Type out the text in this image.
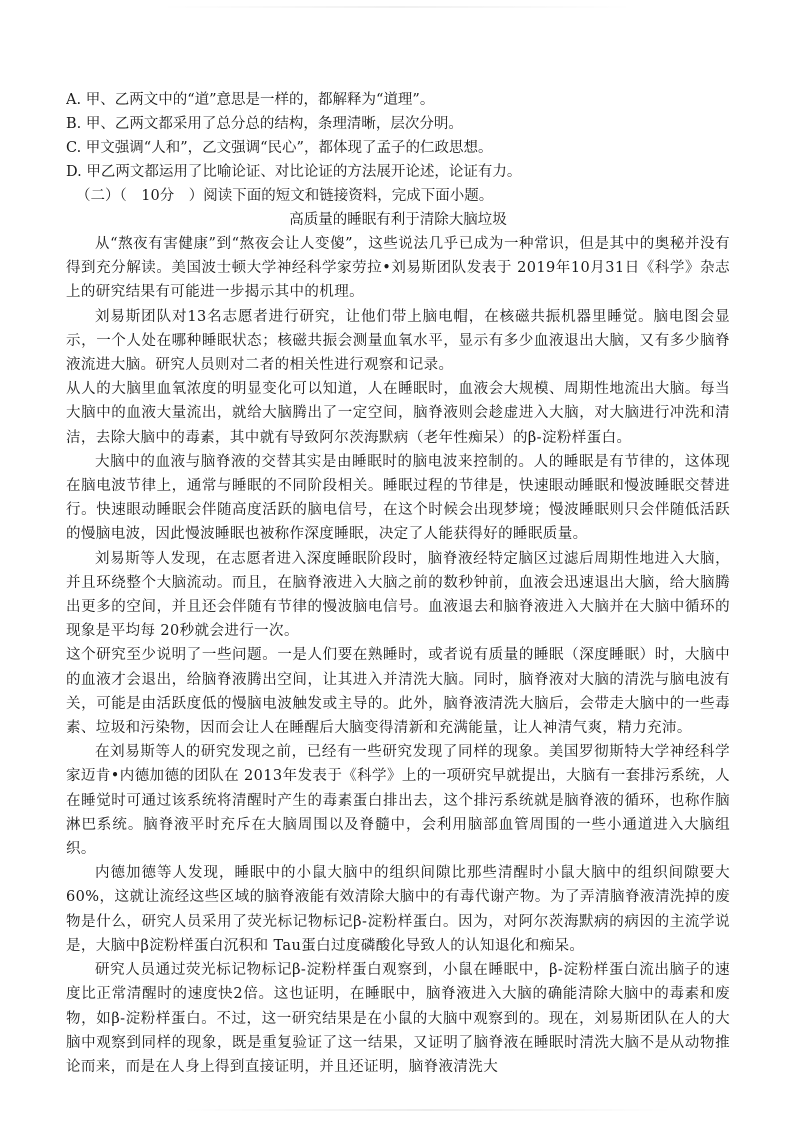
A. 甲、乙两文中的“道”意思是一样的，都解释为“道理”。
B. 甲、乙两文都采用了总分总的结构，条理清晰，层次分明。
C. 甲文强调“人和”，乙文强调“民心”，都体现了孟子的仁政思想。
D. 甲乙两文都运用了比喻论证、对比论证的方法展开论述，论证有力。
（二）（　10分　）阅读下面的短文和链接资料，完成下面小题。
高质量的睡眠有利于清除大脑垃圾

从“熬夜有害健康”到“熬夜会让人变傻”，这些说法几乎已成为一种常识，但是其中的奥秘并没有得到充分解读。美国波士顿大学神经科学家劳拉•刘易斯团队发表于 2019年10月31日《科学》杂志上的研究结果有可能进一步揭示其中的机理。

刘易斯团队对13名志愿者进行研究，让他们带上脑电帽，在核磁共振机器里睡觉。脑电图会显示，一个人处在哪种睡眠状态；核磁共振会测量血氧水平，显示有多少血液退出大脑，又有多少脑脊液流进大脑。研究人员则对二者的相关性进行观察和记录。

从人的大脑里血氧浓度的明显变化可以知道，人在睡眠时，血液会大规模、周期性地流出大脑。每当大脑中的血液大量流出，就给大脑腾出了一定空间，脑脊液则会趁虚进入大脑，对大脑进行冲洗和清洁，去除大脑中的毒素，其中就有导致阿尔茨海默病（老年性痴呆）的β-淀粉样蛋白。

大脑中的血液与脑脊液的交替其实是由睡眠时的脑电波来控制的。人的睡眠是有节律的，这体现在脑电波节律上，通常与睡眠的不同阶段相关。睡眠过程的节律是，快速眼动睡眠和慢波睡眠交替进行。快速眼动睡眠会伴随高度活跃的脑电信号，在这个时候会出现梦境；慢波睡眠则只会伴随低活跃的慢脑电波，因此慢波睡眠也被称作深度睡眠，决定了人能获得好的睡眠质量。

刘易斯等人发现，在志愿者进入深度睡眠阶段时，脑脊液经特定脑区过滤后周期性地进入大脑，并且环绕整个大脑流动。而且，在脑脊液进入大脑之前的数秒钟前，血液会迅速退出大脑，给大脑腾出更多的空间，并且还会伴随有节律的慢波脑电信号。血液退去和脑脊液进入大脑并在大脑中循环的现象是平均每 20秒就会进行一次。

这个研究至少说明了一些问题。一是人们要在熟睡时，或者说有质量的睡眠（深度睡眠）时，大脑中的血液才会退出，给脑脊液腾出空间，让其进入并清洗大脑。同时，脑脊液对大脑的清洗与脑电波有关，可能是由活跃度低的慢脑电波触发或主导的。此外，脑脊液清洗大脑后，会带走大脑中的一些毒素、垃圾和污染物，因而会让人在睡醒后大脑变得清新和充满能量，让人神清气爽，精力充沛。

在刘易斯等人的研究发现之前，已经有一些研究发现了同样的现象。美国罗彻斯特大学神经科学家迈肯•内德加德的团队在 2013年发表于《科学》上的一项研究早就提出，大脑有一套排污系统，人在睡觉时可通过该系统将清醒时产生的毒素蛋白排出去，这个排污系统就是脑脊液的循环，也称作脑淋巴系统。脑脊液平时充斥在大脑周围以及脊髓中，会利用脑部血管周围的一些小通道进入大脑组织。

内德加德等人发现，睡眠中的小鼠大脑中的组织间隙比那些清醒时小鼠大脑中的组织间隙要大60%，这就让流经这些区域的脑脊液能有效清除大脑中的有毒代谢产物。为了弄清脑脊液清洗掉的废物是什么，研究人员采用了荧光标记物标记β-淀粉样蛋白。因为，对阿尔茨海默病的病因的主流学说是，大脑中β淀粉样蛋白沉积和 Tau蛋白过度磷酸化导致人的认知退化和痴呆。

研究人员通过荧光标记物标记β-淀粉样蛋白观察到，小鼠在睡眠中，β-淀粉样蛋白流出脑子的速度比正常清醒时的速度快2倍。这也证明，在睡眠中，脑脊液进入大脑的确能清除大脑中的毒素和废物，如β-淀粉样蛋白。不过，这一研究结果是在小鼠的大脑中观察到的。现在，刘易斯团队在人的大脑中观察到同样的现象，既是重复验证了这一结果，又证明了脑脊液在睡眠时清洗大脑不是从动物推论而来，而是在人身上得到直接证明，并且还证明，脑脊液清洗大
